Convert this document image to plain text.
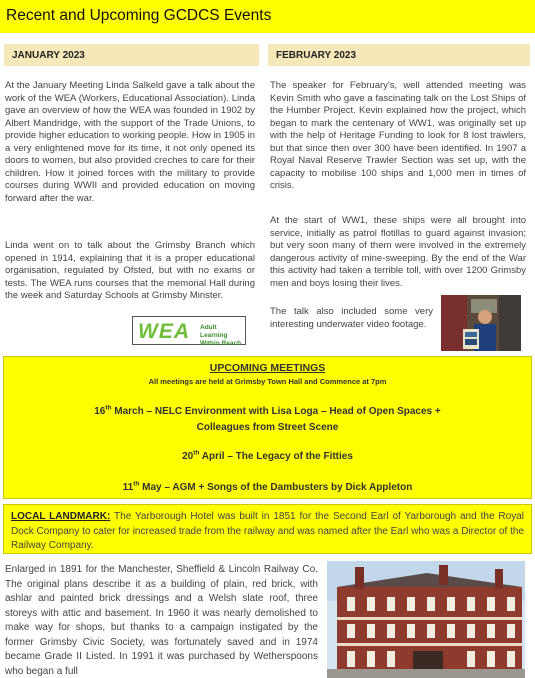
Recent and Upcoming GCDCS Events
JANUARY 2023	FEBRUARY 2023
At the January Meeting Linda Salkeld gave a talk about the work of the WEA (Workers, Educational Association). Linda gave an overview of how the WEA was founded in 1902 by Albert Mandridge, with the support of the Trade Unions, to provide higher education to working people. How in 1905 in a very enlightened move for its time, it not only opened its doors to women, but also provided creches to care for their children. How it joined forces with the military to provide courses during WWII and provided education on moving forward after the war.
Linda went on to talk about the Grimsby Branch which opened in 1914, explaining that it is a proper educational organisation, regulated by Ofsted, but with no exams or tests. The WEA runs courses that the memorial Hall during the week and Saturday Schools at Grimsby Minster.
WEA Adult Learning
Within Reach
The speaker for February's, well attended meeting was Kevin Smith who gave a fascinating talk on the Lost Ships of the Humber Project. Kevin explained how the project, which began to mark the centenary of WW1, was originally set up with the help of Heritage Funding to look for 8 lost trawlers, but that since then over 300 have been identified. In 1907 a Royal Naval Reserve Trawler Section was set up, with the capacity to mobilise 100 ships and 1,000 men in times of crisis.
At the start of WW1, these ships were all brought into service, initially as patrol flotillas to guard against invasion; but very soon many of them were involved in the extremely dangerous activity of mine-sweeping. By the end of the War this activity had taken a terrible toll, with over 1200 Grimsby men and boys losing their lives.
The talk also included some very interesting underwater video footage.
UPCOMING MEETINGS
All meetings are held at Grimsby Town Hall and Commence at 7pm
16th March – NELC Environment with Lisa Loga – Head of Open Spaces +
Colleagues from Street Scene
20th April – The Legacy of the Fitties
11th May – AGM + Songs of the Dambusters by Dick Appleton
LOCAL LANDMARK: The Yarborough Hotel was built in 1851 for the Second Earl of Yarborough and the Royal Dock Company to cater for increased trade from the railway and was named after the Earl who was a Director of the Railway Company.
Enlarged in 1891 for the Manchester, Sheffield & Lincoln Railway Co. The original plans describe it as a building of plain, red brick, with ashlar and painted brick dressings and a Welsh slate roof, three storeys with attic and basement. In 1960 it was nearly demolished to make way for shops, but thanks to a campaign instigated by the former Grimsby Civic Society, was fortunately saved and in 1974 became Grade II Listed. In 1991 it was purchased by Wetherspoons who began a full
